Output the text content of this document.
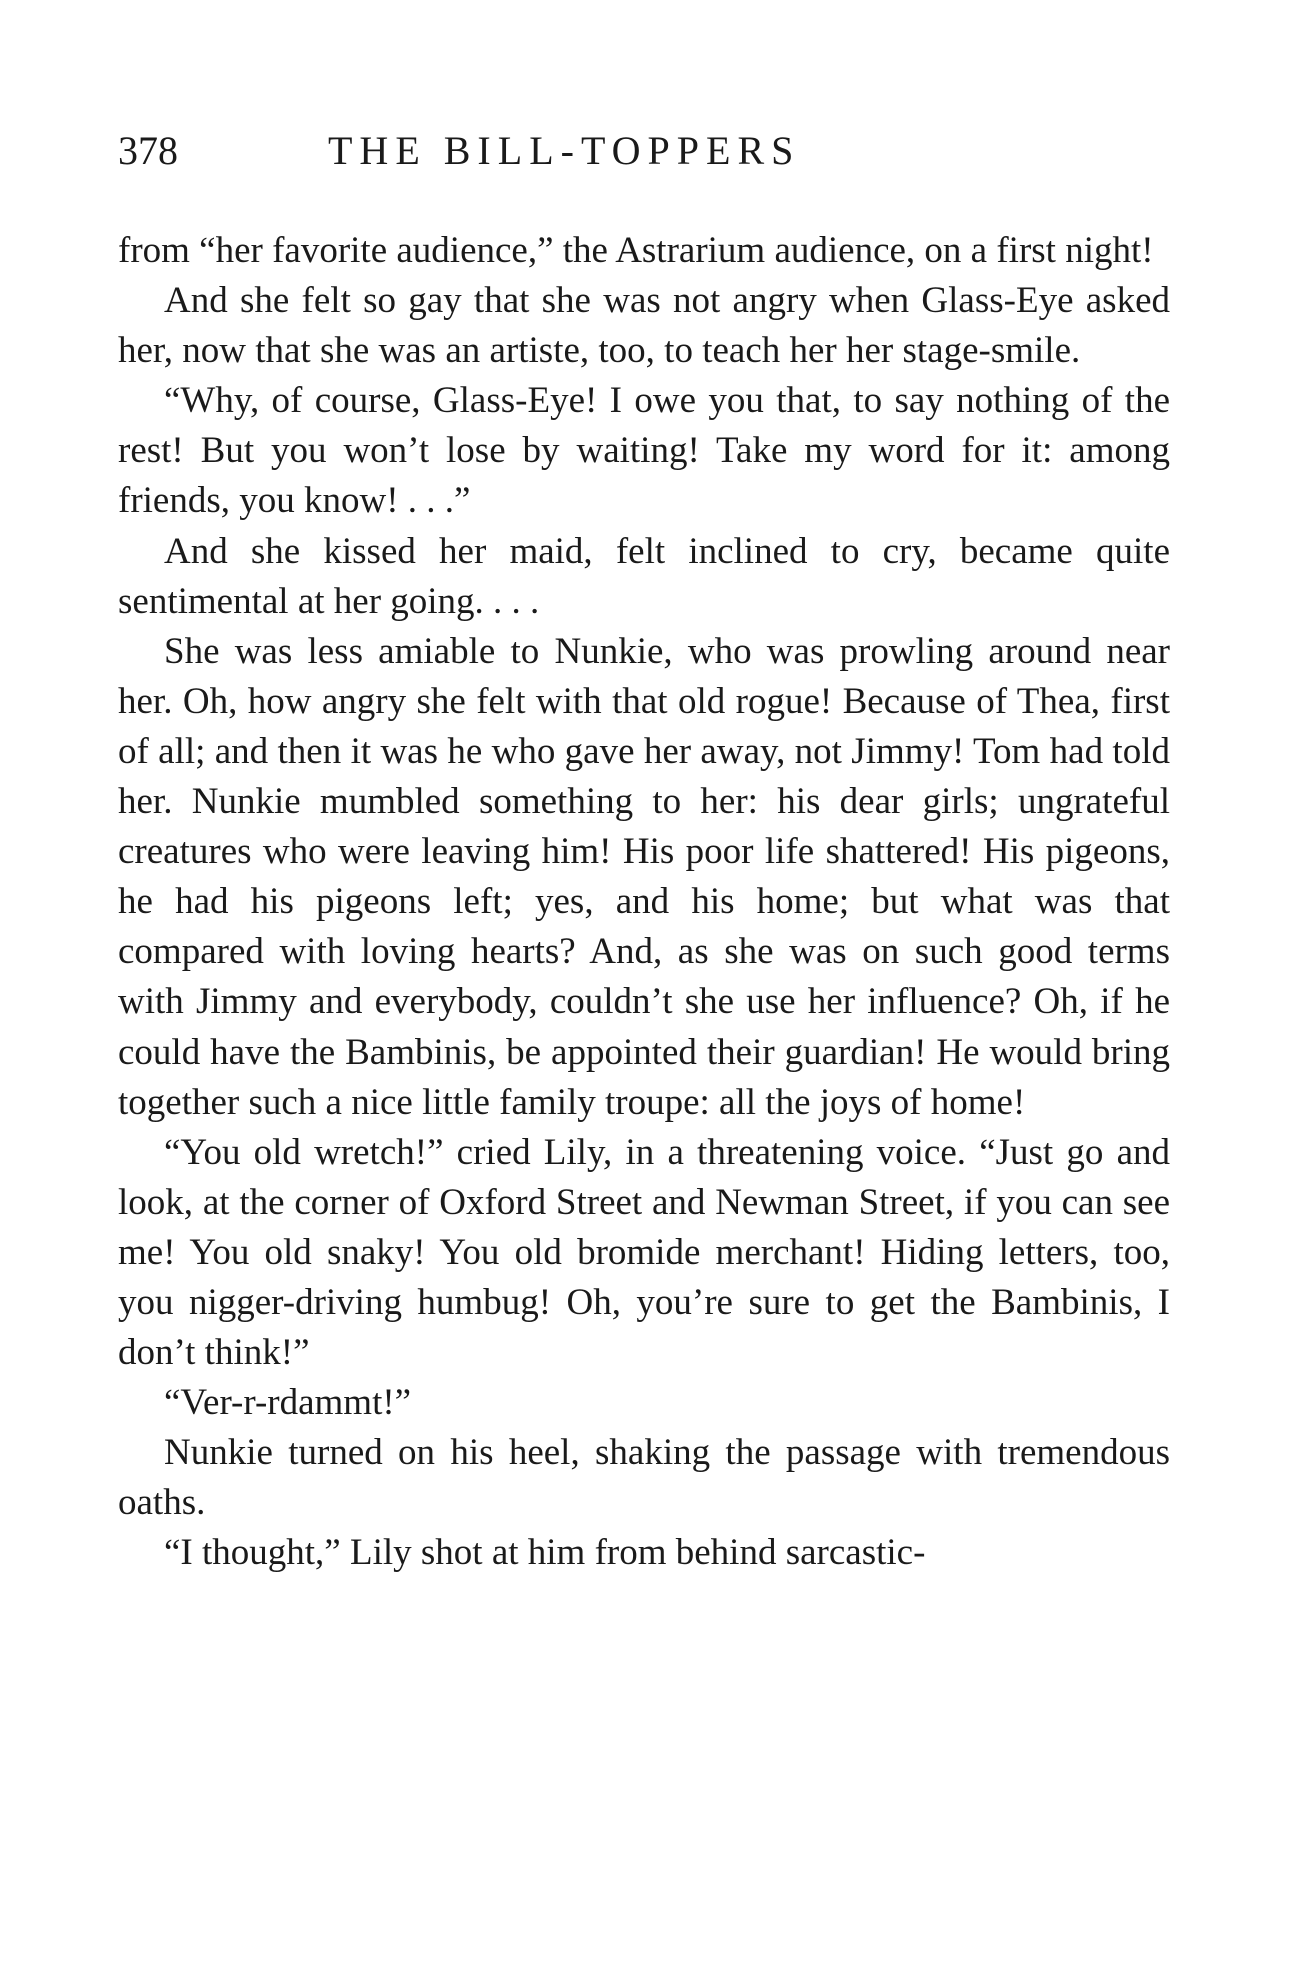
378	THE BILL-TOPPERS

from “her favorite audience,” the Astrarium audience, on a first night!

And she felt so gay that she was not angry when Glass-Eye asked her, now that she was an artiste, too, to teach her her stage-smile.

“Why, of course, Glass-Eye! I owe you that, to say nothing of the rest! But you won’t lose by waiting! Take my word for it: among friends, you know! . . .”

And she kissed her maid, felt inclined to cry, became quite sentimental at her going. . . .

She was less amiable to Nunkie, who was prowling around near her. Oh, how angry she felt with that old rogue! Because of Thea, first of all; and then it was he who gave her away, not Jimmy! Tom had told her. Nunkie mumbled something to her: his dear girls; ungrateful creatures who were leaving him! His poor life shattered! His pigeons, he had his pigeons left; yes, and his home; but what was that compared with loving hearts? And, as she was on such good terms with Jimmy and everybody, couldn’t she use her influence? Oh, if he could have the Bambinis, be appointed their guardian! He would bring together such a nice little family troupe: all the joys of home!

“You old wretch!” cried Lily, in a threatening voice. “Just go and look, at the corner of Oxford Street and Newman Street, if you can see me! You old snaky! You old bromide merchant! Hiding letters, too, you nigger-driving humbug! Oh, you’re sure to get the Bambinis, I don’t think!”

“Ver-r-rdammt!”

Nunkie turned on his heel, shaking the passage with tremendous oaths.

“I thought,” Lily shot at him from behind sarcastic-
